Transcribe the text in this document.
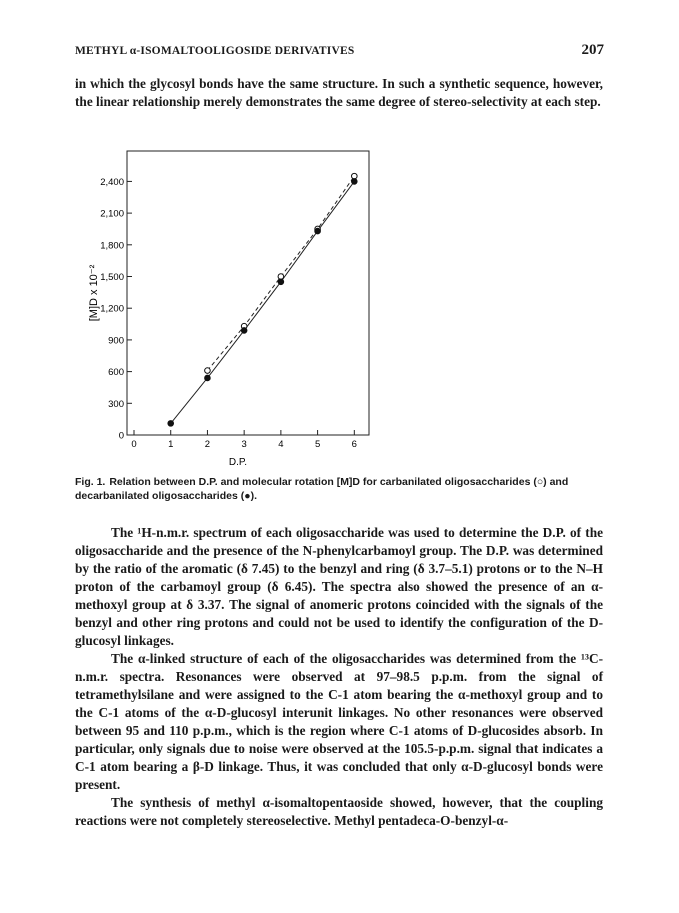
METHYL α-ISOMALTOOLIGOSIDE DERIVATIVES	207

in which the glycosyl bonds have the same structure. In such a synthetic sequence, however, the linear relationship merely demonstrates the same degree of stereo-selectivity at each step.

0
300
600
900
1,200
1,500
1,800
2,100
2,400
0	1	2	3	4	5	6
[M]D x 10⁻²
D.P.
Fig. 1. Relation between D.P. and molecular rotation [M]D for carbanilated oligosaccharides (○) and decarbanilated oligosaccharides (●).

The ¹H-n.m.r. spectrum of each oligosaccharide was used to determine the D.P. of the oligosaccharide and the presence of the N-phenylcarbamoyl group. The D.P. was determined by the ratio of the aromatic (δ 7.45) to the benzyl and ring (δ 3.7–5.1) protons or to the N–H proton of the carbamoyl group (δ 6.45). The spectra also showed the presence of an α-methoxyl group at δ 3.37. The signal of anomeric protons coincided with the signals of the benzyl and other ring protons and could not be used to identify the configuration of the D-glucosyl linkages.

The α-linked structure of each of the oligosaccharides was determined from the ¹³C-n.m.r. spectra. Resonances were observed at 97–98.5 p.p.m. from the signal of tetramethylsilane and were assigned to the C-1 atom bearing the α-methoxyl group and to the C-1 atoms of the α-D-glucosyl interunit linkages. No other resonances were observed between 95 and 110 p.p.m., which is the region where C-1 atoms of D-glucosides absorb. In particular, only signals due to noise were observed at the 105.5-p.p.m. signal that indicates a C-1 atom bearing a β-D linkage. Thus, it was concluded that only α-D-glucosyl bonds were present.

The synthesis of methyl α-isomaltopentaoside showed, however, that the coupling reactions were not completely stereoselective. Methyl pentadeca-O-benzyl-α-
